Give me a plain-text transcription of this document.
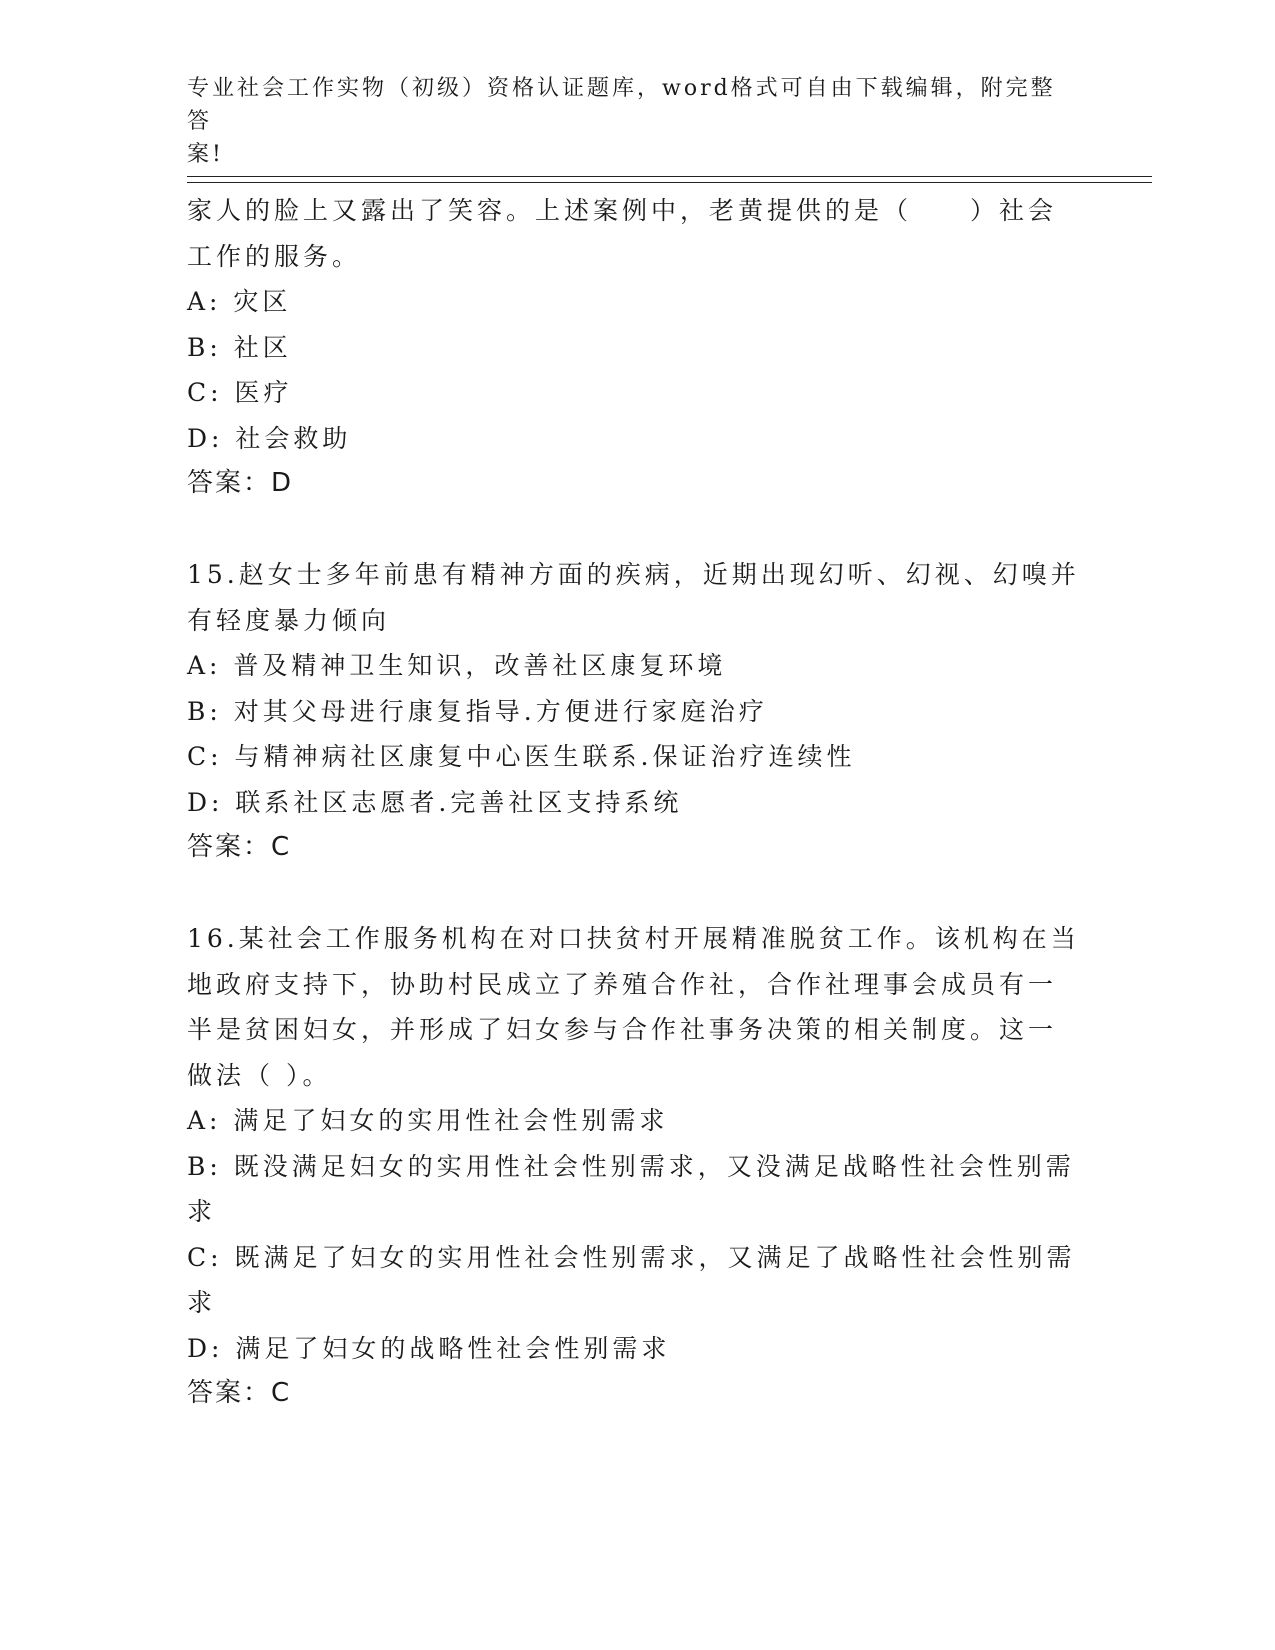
专业社会工作实物（初级）资格认证题库，word格式可自由下载编辑，附完整答
案!
家人的脸上又露出了笑容。上述案例中，老黄提供的是（　　）社会
工作的服务。
A: 灾区
B: 社区
C: 医疗
D: 社会救助
答案：D
15.赵女士多年前患有精神方面的疾病，近期出现幻听、幻视、幻嗅并
有轻度暴力倾向
A: 普及精神卫生知识，改善社区康复环境
B: 对其父母进行康复指导.方便进行家庭治疗
C: 与精神病社区康复中心医生联系.保证治疗连续性
D: 联系社区志愿者.完善社区支持系统
答案：C
16.某社会工作服务机构在对口扶贫村开展精准脱贫工作。该机构在当
地政府支持下，协助村民成立了养殖合作社，合作社理事会成员有一
半是贫困妇女，并形成了妇女参与合作社事务决策的相关制度。这一
做法（ ）。
A: 满足了妇女的实用性社会性别需求
B: 既没满足妇女的实用性社会性别需求，又没满足战略性社会性别需
求
C: 既满足了妇女的实用性社会性别需求，又满足了战略性社会性别需
求
D: 满足了妇女的战略性社会性别需求
答案：C
